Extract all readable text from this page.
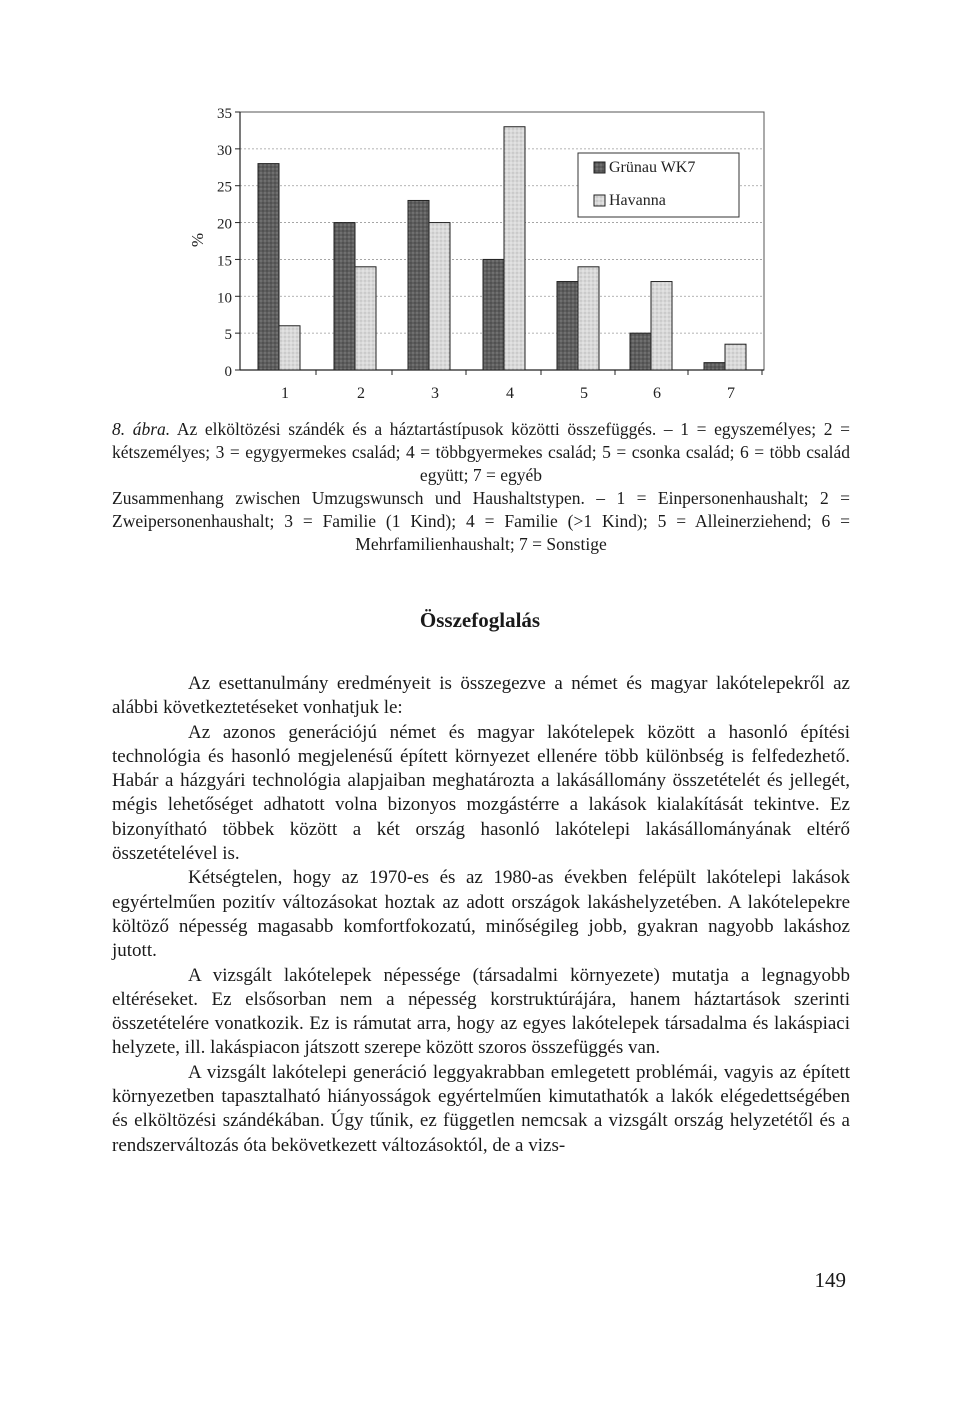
0
5
10
15
20
25
30
35
1	2	3	4	5	6	7
%
Grünau WK7
Havanna
8. ábra. Az elköltözési szándék és a háztartástípusok közötti összefüggés. – 1 = egyszemélyes; 2 = kétszemélyes; 3 = egygyermekes család; 4 = többgyermekes család; 5 = csonka család; 6 = több család együtt; 7 = egyéb
Zusammenhang zwischen Umzugswunsch und Haushaltstypen. – 1 = Einpersonenhaushalt; 2 = Zweipersonenhaushalt; 3 = Familie (1 Kind); 4 = Familie (>1 Kind); 5 = Alleinerziehend; 6 = Mehrfamilienhaushalt; 7 = Sonstige
Összefoglalás

Az esettanulmány eredményeit is összegezve a német és magyar lakótelepekről az alábbi következtetéseket vonhatjuk le:

Az azonos generációjú német és magyar lakótelepek között a hasonló építési technológia és hasonló megjelenésű épített környezet ellenére több különbség is felfedezhető. Habár a házgyári technológia alapjaiban meghatározta a lakásállomány összetételét és jellegét, mégis lehetőséget adhatott volna bizonyos mozgástérre a lakások kialakítását tekintve. Ez bizonyítható többek között a két ország hasonló lakótelepi lakásállományának eltérő összetételével is.

Kétségtelen, hogy az 1970-es és az 1980-as években felépült lakótelepi lakások egyértelműen pozitív változásokat hoztak az adott országok lakáshelyzetében. A lakótelepekre költöző népesség magasabb komfortfokozatú, minőségileg jobb, gyakran nagyobb lakáshoz jutott.

A vizsgált lakótelepek népessége (társadalmi környezete) mutatja a legnagyobb eltéréseket. Ez elsősorban nem a népesség korstruktúrájára, hanem háztartások szerinti összetételére vonatkozik. Ez is rámutat arra, hogy az egyes lakótelepek társadalma és lakáspiaci helyzete, ill. lakáspiacon játszott szerepe között szoros összefüggés van.

A vizsgált lakótelepi generáció leggyakrabban emlegetett problémái, vagyis az épített környezetben tapasztalható hiányosságok egyértelműen kimutathatók a lakók elégedettségében és elköltözési szándékában. Úgy tűnik, ez független nemcsak a vizsgált ország helyzetétől és a rendszerváltozás óta bekövetkezett változásoktól, de a vizs-

149
